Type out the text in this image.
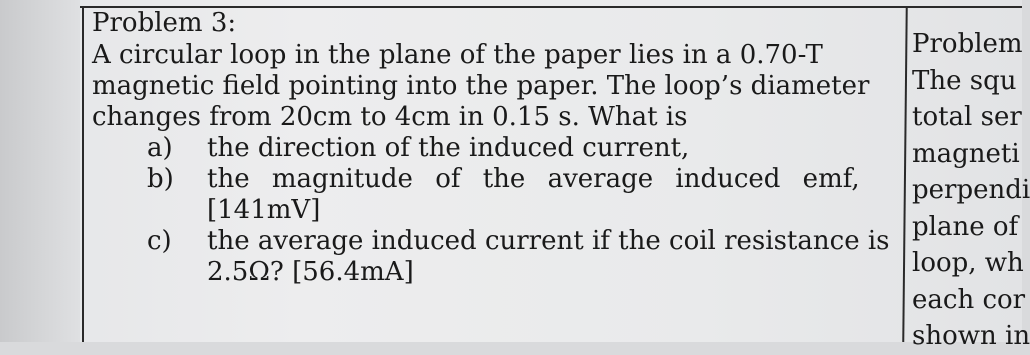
Problem 3:

A circular loop in the plane of the paper lies in a 0.70-T
magnetic field pointing into the paper. The loop’s diameter
changes from 20cm to 4cm in 0.15 s. What is

a) the direction of the induced current,
b) the magnitude of the average induced emf,
[141mV]
c) the average induced current if the coil resistance is
2.5Ω? [56.4mA]
Problem
The squ
total ser
magneti
perpendi
plane of
loop, wh
each cor
shown in
